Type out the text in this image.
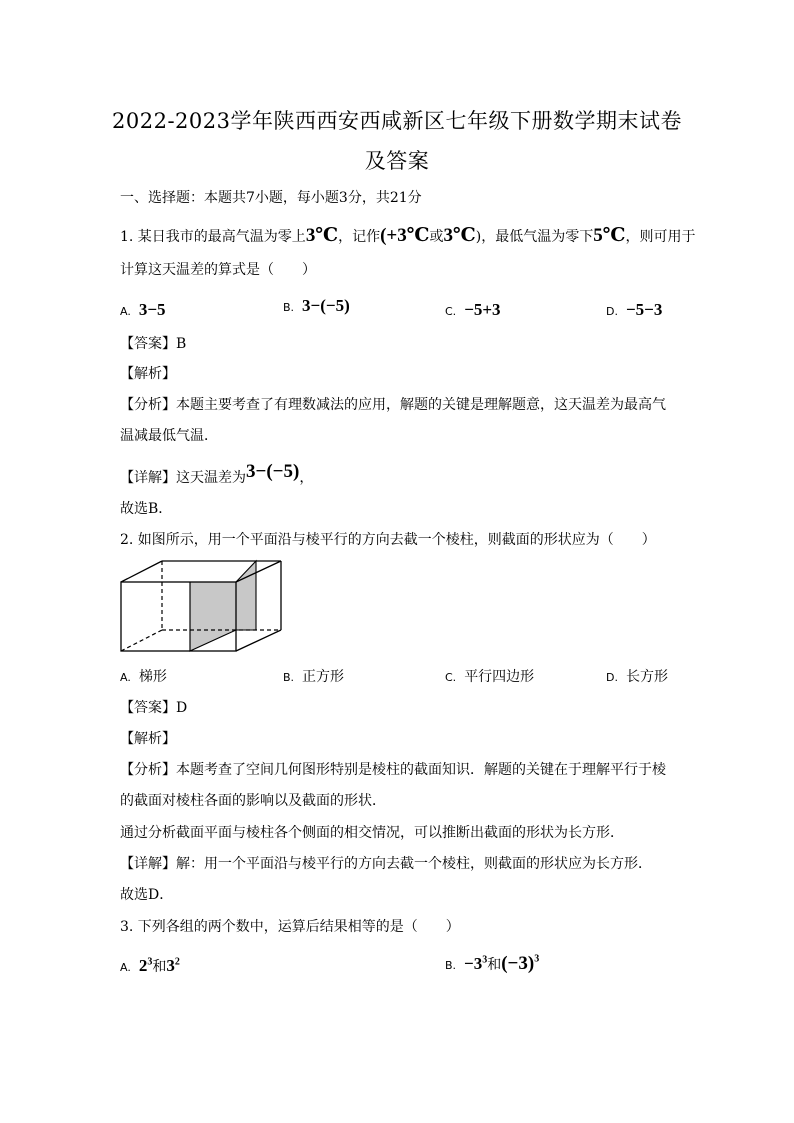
2022-2023学年陕西西安西咸新区七年级下册数学期末试卷
及答案
一、选择题：本题共7小题，每小题3分，共21分
1. 某日我市的最高气温为零上3℃，记作(+3℃或3℃)，最低气温为零下5℃，则可用于
计算这天温差的算式是（　　）
A. 3−5	B. 3−(−5)	C. −5+3	D. −5−3
【答案】B
【解析】
【分析】本题主要考查了有理数减法的应用，解题的关键是理解题意，这天温差为最高气
温减最低气温．
【详解】这天温差为3−(−5)，
故选B．
2. 如图所示，用一个平面沿与棱平行的方向去截一个棱柱，则截面的形状应为（　　）
A. 梯形	B. 正方形	C. 平行四边形	D. 长方形
【答案】D
【解析】
【分析】本题考查了空间几何图形特别是棱柱的截面知识．解题的关键在于理解平行于棱
的截面对棱柱各面的影响以及截面的形状．
通过分析截面平面与棱柱各个侧面的相交情况，可以推断出截面的形状为长方形．
【详解】解：用一个平面沿与棱平行的方向去截一个棱柱，则截面的形状应为长方形．
故选D．
3. 下列各组的两个数中，运算后结果相等的是（　　）
A. $2^3$和$3^2$	B. $-3^3$和$(-3)^3$
